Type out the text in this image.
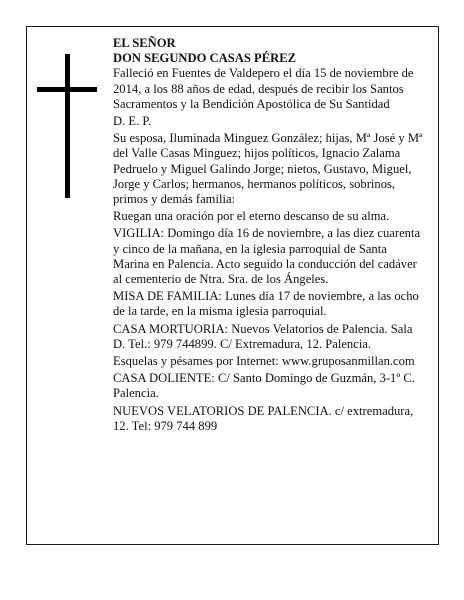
EL SEÑOR
DON SEGUNDO CASAS PÉREZ

Falleció en Fuentes de Valdepero el día 15 de noviembre de 2014, a los 88 años de edad, después de recibir los Santos Sacramentos y la Bendición Apostólica de Su Santidad

D. E. P.

Su esposa, Iluminada Minguez González; hijas, Mª José y Mª del Valle Casas Minguez; hijos políticos, Ignacio Zalama Pedruelo y Miguel Galindo Jorge; nietos, Gustavo, Miguel, Jorge y Carlos; hermanos, hermanos políticos, sobrinos, primos y demás familia:

Ruegan una oración por el eterno descanso de su alma.

VIGILIA: Domingo día 16 de noviembre, a las diez cuarenta y cinco de la mañana, en la iglesia parroquial de Santa Marina en Palencia. Acto seguido la conducción del cadáver al cementerio de Ntra. Sra. de los Ángeles.

MISA DE FAMILIA: Lunes día 17 de noviembre, a las ocho de la tarde, en la misma iglesia parroquial.

CASA MORTUORIA: Nuevos Velatorios de Palencia. Sala D. Tel.: 979 744899. C/ Extremadura, 12. Palencia.

Esquelas y pésames por Internet: www.gruposanmillan.com

CASA DOLIENTE: C/ Santo Domingo de Guzmán, 3-1º C. Palencia.

NUEVOS VELATORIOS DE PALENCIA. c/ extremadura, 12. Tel: 979 744 899
